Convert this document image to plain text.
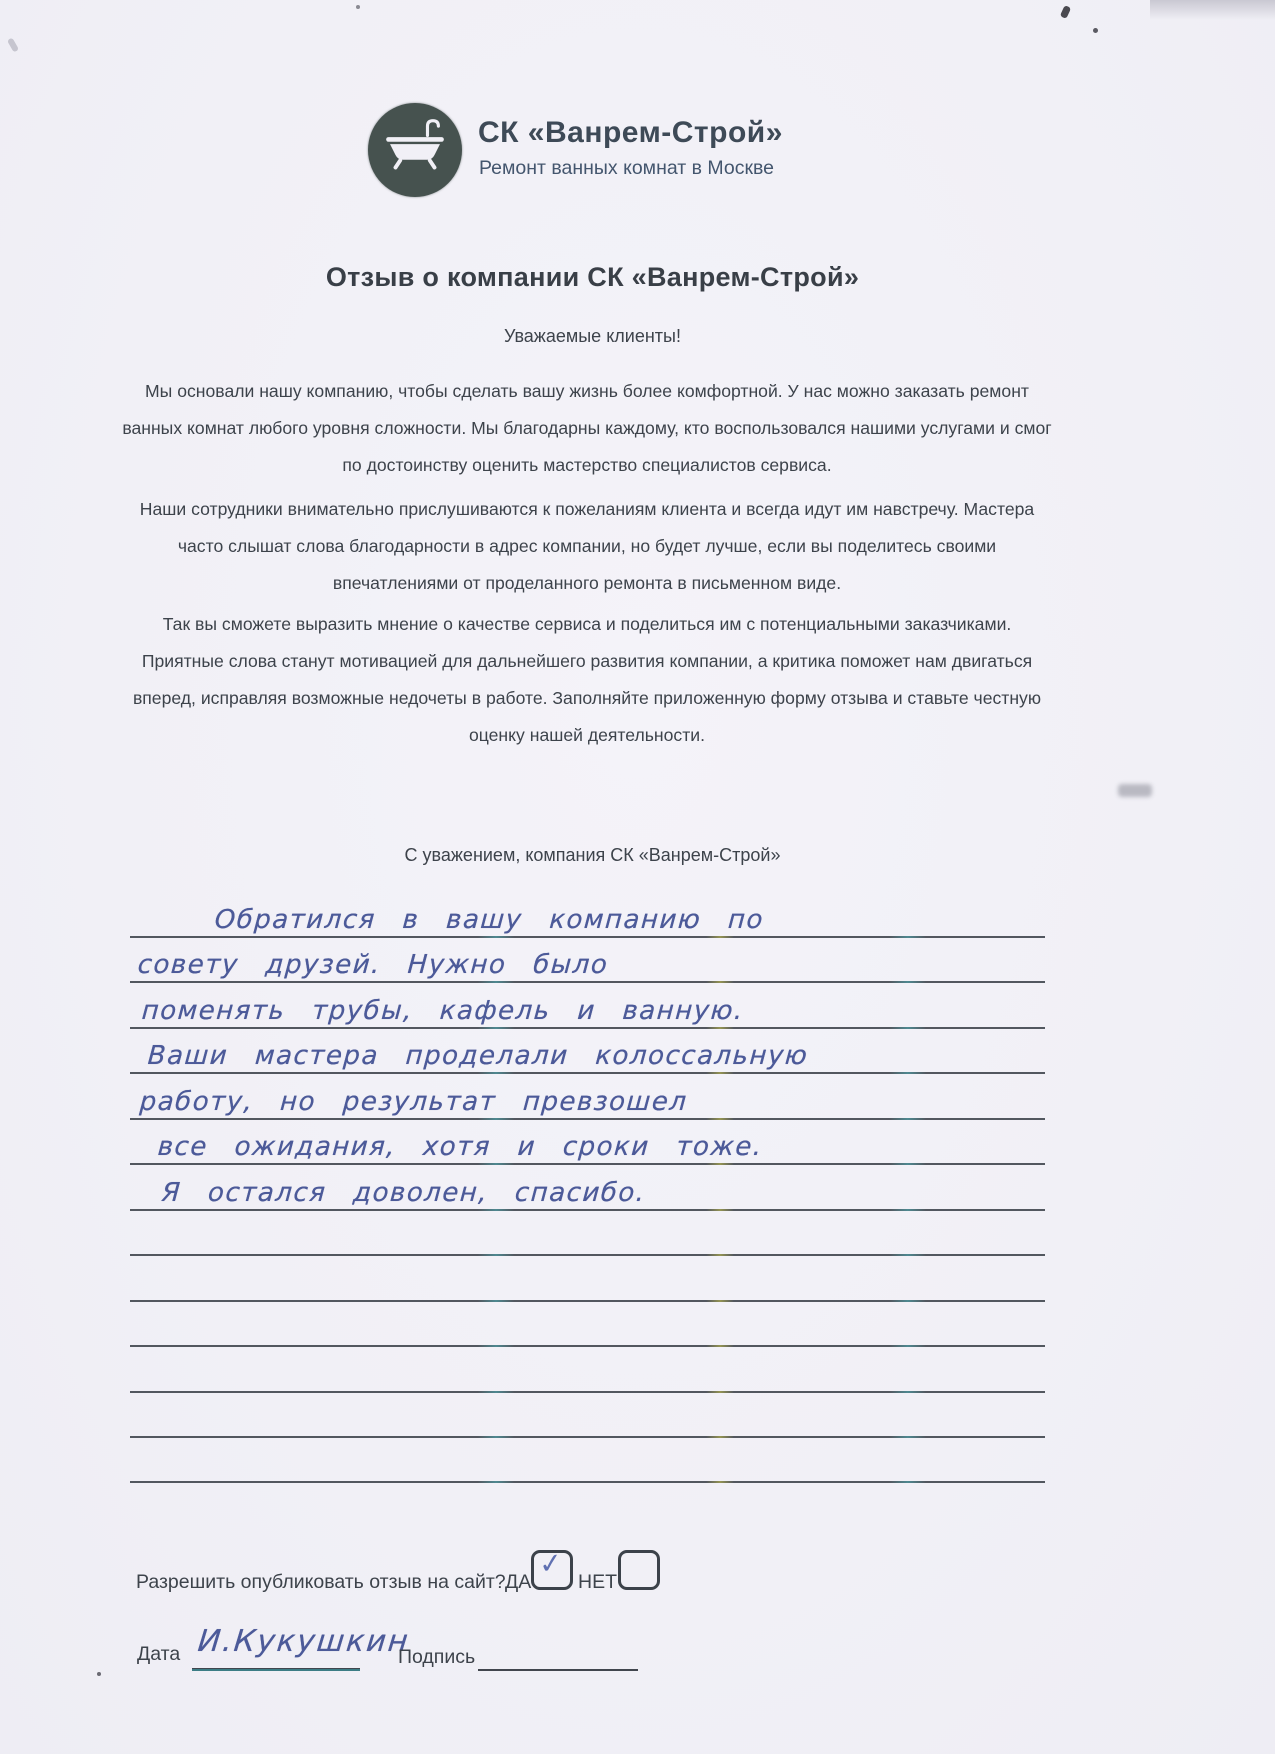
СК «Ванрем-Строй»
Ремонт ванных комнат в Москве
Отзыв о компании СК «Ванрем-Строй»
Уважаемые клиенты!
Мы основали нашу компанию, чтобы сделать вашу жизнь более комфортной. У нас можно заказать ремонт ванных комнат любого уровня сложности. Мы благодарны каждому, кто воспользовался нашими услугами и смог по достоинству оценить мастерство специалистов сервиса.
Наши сотрудники внимательно прислушиваются к пожеланиям клиента и всегда идут им навстречу. Мастера часто слышат слова благодарности в адрес компании, но будет лучше, если вы поделитесь своими впечатлениями от проделанного ремонта в письменном виде.
Так вы сможете выразить мнение о качестве сервиса и поделиться им с потенциальными заказчиками. Приятные слова станут мотивацией для дальнейшего развития компании, а критика поможет нам двигаться вперед, исправляя возможные недочеты в работе. Заполняйте приложенную форму отзыва и ставьте честную оценку нашей деятельности.
С уважением, компания СК «Ванрем-Строй»
Обратился в вашу компанию по
совету друзей. Нужно было
поменять трубы, кафель и ванную.
Ваши мастера проделали колоссальную
работу, но результат превзошел
все ожидания, хотя и сроки тоже.
Я остался доволен, спасибо.
Разрешить опубликовать отзыв на сайт? ДА
✓
НЕТ
Дата И.Кукушкин
Подпись
